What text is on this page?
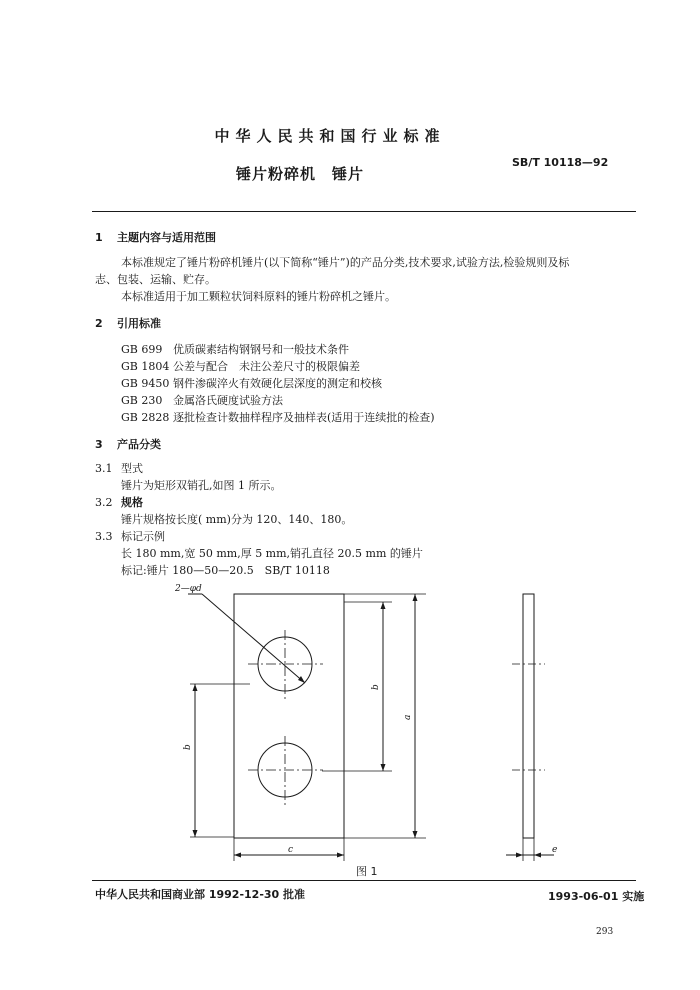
中华人民共和国行业标准
SB/T 10118—92
锤片粉碎机　锤片
1 主题内容与适用范围
本标准规定了锤片粉碎机锤片(以下简称“锤片”)的产品分类,技术要求,试验方法,检验规则及标
志、包装、运输、贮存。
本标准适用于加工颗粒状饲料原料的锤片粉碎机之锤片。
2 引用标准
GB 699 优质碳素结构钢钢号和一般技术条件
GB 1804 公差与配合　未注公差尺寸的极限偏差
GB 9450 钢件渗碳淬火有效硬化层深度的测定和校核
GB 230 金属洛氏硬度试验方法
GB 2828 逐批检查计数抽样程序及抽样表(适用于连续批的检查)
3 产品分类
3.1 型式
锤片为矩形双销孔,如图 1 所示。
3.2 规格
锤片规格按长度( mm)分为 120、140、180。
3.3 标记示例
长 180 mm,宽 50 mm,厚 5 mm,销孔直径 20.5 mm 的锤片
标记:锤片 180—50—20.5　SB/T 10118
2—φd
c	e
b
b
a
图 1
中华人民共和国商业部 1992-12-30 批准	1993-06-01 实施
293
